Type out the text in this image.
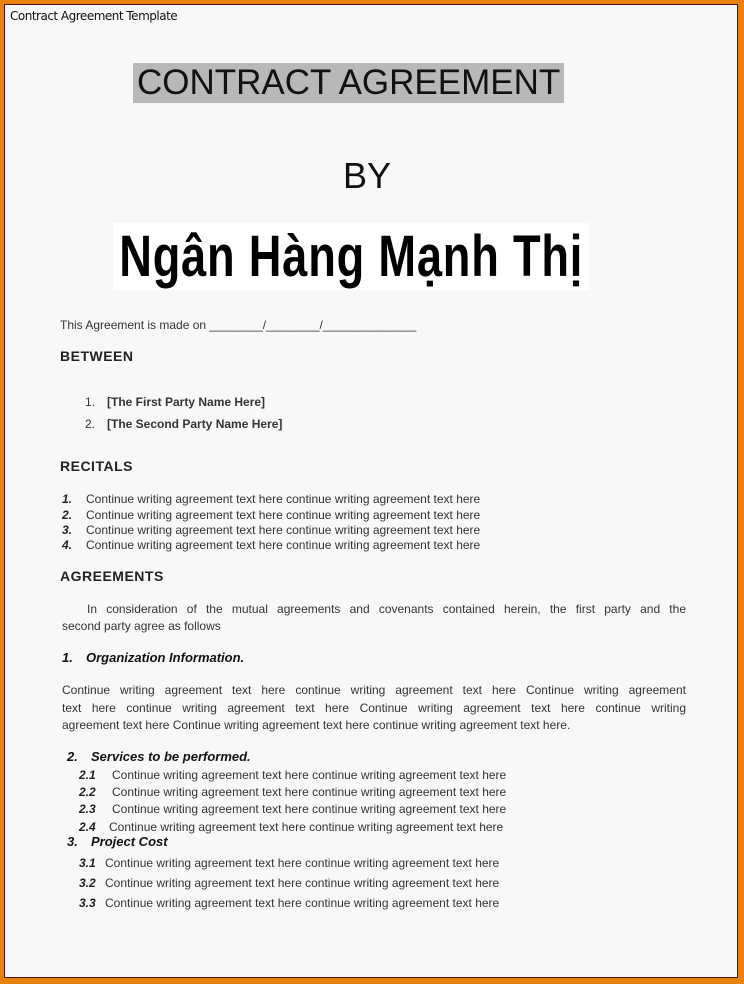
Contract Agreement Template
CONTRACT AGREEMENT
BY
Ngân Hàng Mạnh Thị
This Agreement is made on ________/________/______________
BETWEEN
1. [The First Party Name Here]
2. [The Second Party Name Here]
RECITALS
1. Continue writing agreement text here continue writing agreement text here
2. Continue writing agreement text here continue writing agreement text here
3. Continue writing agreement text here continue writing agreement text here
4. Continue writing agreement text here continue writing agreement text here
AGREEMENTS
In consideration of the mutual agreements and covenants contained herein, the first party and the
second party agree as follows
1. Organization Information.
Continue writing agreement text here continue writing agreement text here Continue writing agreement
text here continue writing agreement text here Continue writing agreement text here continue writing
agreement text here Continue writing agreement text here continue writing agreement text here.
2. Services to be performed.
2.1 Continue writing agreement text here continue writing agreement text here
2.2 Continue writing agreement text here continue writing agreement text here
2.3 Continue writing agreement text here continue writing agreement text here
2.4 Continue writing agreement text here continue writing agreement text here
3. Project Cost
3.1 Continue writing agreement text here continue writing agreement text here
3.2 Continue writing agreement text here continue writing agreement text here
3.3 Continue writing agreement text here continue writing agreement text here
